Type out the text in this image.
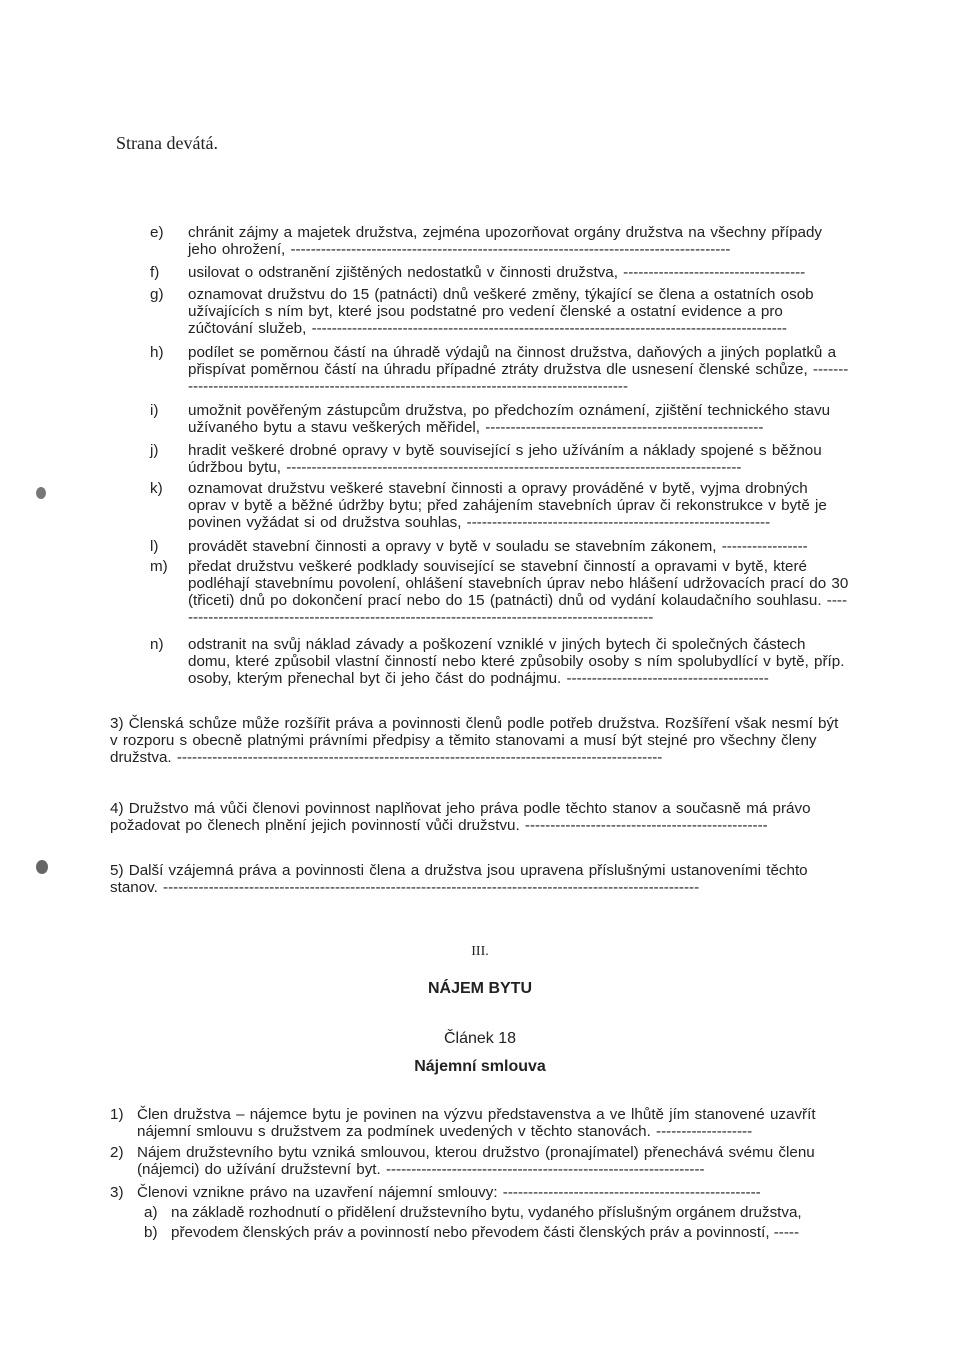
Strana devátá.
e) chránit zájmy a majetek družstva, zejména upozorňovat orgány družstva na všechny případy jeho ohrožení, ---------------------------------------------------------------------------------------
f) usilovat o odstranění zjištěných nedostatků v činnosti družstva, ------------------------------------
g) oznamovat družstvu do 15 (patnácti) dnů veškeré změny, týkající se člena a ostatních osob užívajících s ním byt, které jsou podstatné pro vedení členské a ostatní evidence a pro zúčtování služeb, ----------------------------------------------------------------------------------------------
h) podílet se poměrnou částí na úhradě výdajů na činnost družstva, daňových a jiných poplatků a přispívat poměrnou částí na úhradu případné ztráty družstva dle usnesení členské schůze, ----------------------------------------------------------------------------------------------
i) umožnit pověřeným zástupcům družstva, po předchozím oznámení, zjištění technického stavu užívaného bytu a stavu veškerých měřidel, -------------------------------------------------------
j) hradit veškeré drobné opravy v bytě související s jeho užíváním a náklady spojené s běžnou údržbou bytu, ------------------------------------------------------------------------------------------
k) oznamovat družstvu veškeré stavební činnosti a opravy prováděné v bytě, vyjma drobných oprav v bytě a běžné údržby bytu; před zahájením stavebních úprav či rekonstrukce v bytě je povinen vyžádat si od družstva souhlas, ------------------------------------------------------------
l) provádět stavební činnosti a opravy v bytě v souladu se stavebním zákonem, -----------------
m) předat družstvu veškeré podklady související se stavební činností a opravami v bytě, které podléhají stavebnímu povolení, ohlášení stavebních úprav nebo hlášení udržovacích prací do 30 (třiceti) dnů po dokončení prací nebo do 15 (patnácti) dnů od vydání kolaudačního souhlasu. ------------------------------------------------------------------------------------------------
n) odstranit na svůj náklad závady a poškození vzniklé v jiných bytech či společných částech domu, které způsobil vlastní činností nebo které způsobily osoby s ním spolubydlící v bytě, příp. osoby, kterým přenechal byt či jeho část do podnájmu. ----------------------------------------
3) Členská schůze může rozšířit práva a povinnosti členů podle potřeb družstva. Rozšíření však nesmí být v rozporu s obecně platnými právními předpisy a těmito stanovami a musí být stejné pro všechny členy družstva. ------------------------------------------------------------------------------------------------
4) Družstvo má vůči členovi povinnost naplňovat jeho práva podle těchto stanov a současně má právo požadovat po členech plnění jejich povinností vůči družstvu. ------------------------------------------------
5) Další vzájemná práva a povinnosti člena a družstva jsou upravena příslušnými ustanoveními těchto stanov. ----------------------------------------------------------------------------------------------------------
III.
NÁJEM BYTU
Článek 18
Nájemní smlouva
1) Člen družstva – nájemce bytu je povinen na výzvu představenstva a ve lhůtě jím stanovené uzavřít nájemní smlouvu s družstvem za podmínek uvedených v těchto stanovách. -------------------
2) Nájem družstevního bytu vzniká smlouvou, kterou družstvo (pronajímatel) přenechává svému členu (nájemci) do užívání družstevní byt. ---------------------------------------------------------------
3) Členovi vznikne právo na uzavření nájemní smlouvy: ---------------------------------------------------
a) na základě rozhodnutí o přidělení družstevního bytu, vydaného příslušným orgánem družstva,
b) převodem členských práv a povinností nebo převodem části členských práv a povinností, -----
